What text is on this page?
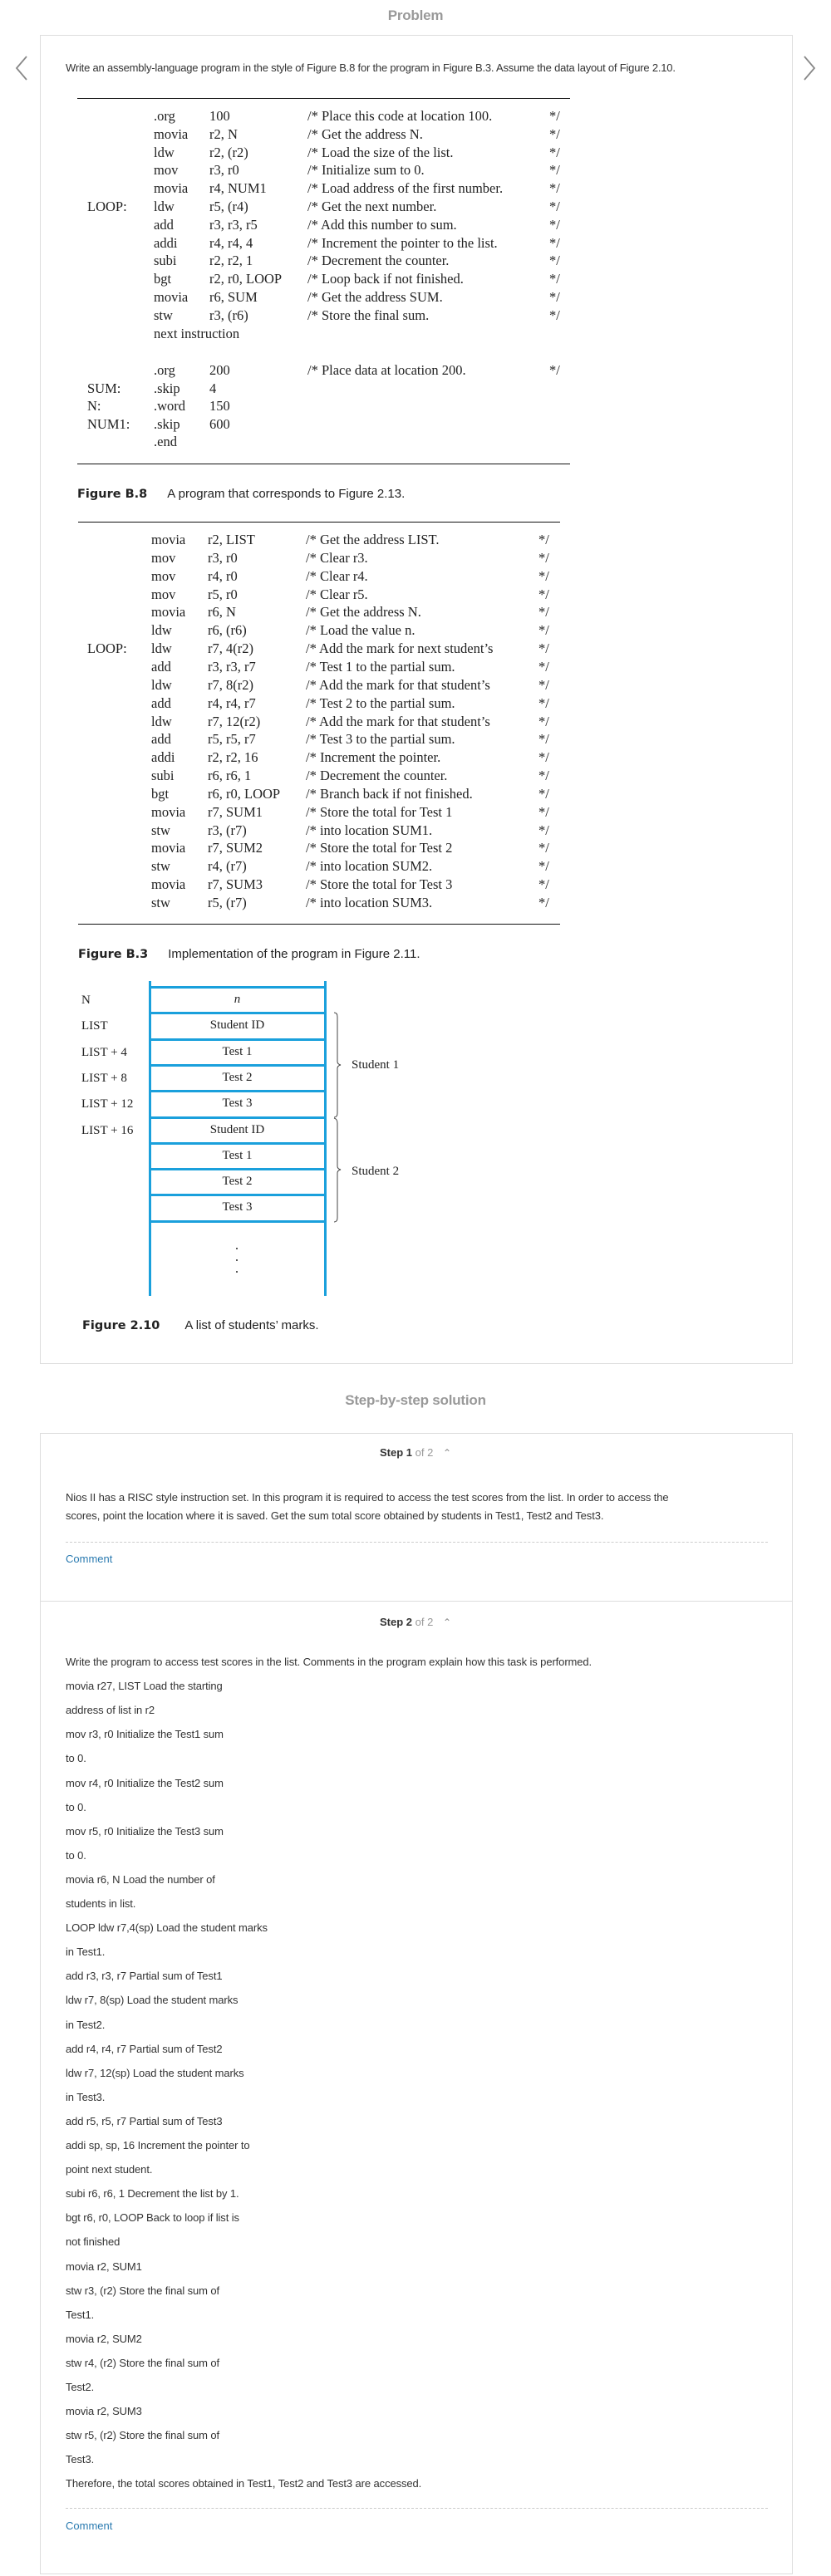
Problem
Write an assembly-language program in the style of Figure B.8 for the program in Figure B.3. Assume the data layout of Figure 2.10.
.org 100	/* Place this code at location 100.	*/
movia r2, N	/* Get the address N.	*/
ldw	r2, (r2)	/* Load the size of the list.	*/
mov r3, r0	/* Initialize sum to 0.	*/
movia r4, NUM1	/* Load address of the first number.	*/
LOOP: ldw	r5, (r4)	/* Get the next number.	*/
add	r3, r3, r5	/* Add this number to sum.	*/
addi r4, r4, 4	/* Increment the pointer to the list.	*/
subi r2, r2, 1	/* Decrement the counter.	*/
bgt	r2, r0, LOOP /* Loop back if not finished.	*/
movia r6, SUM	/* Get the address SUM.	*/
stw	r3, (r6)	/* Store the final sum.	*/
next instruction
.org 200	/* Place data at location 200.	*/
SUM: .skip 4
N:	.word 150
NUM1: .skip 600
.end
Figure B.8 A program that corresponds to Figure 2.13.
movia r2, LIST	/* Get the address LIST.	*/
mov r3, r0	/* Clear r3.	*/
mov r4, r0	/* Clear r4.	*/
mov r5, r0	/* Clear r5.	*/
movia r6, N	/* Get the address N.	*/
ldw	r6, (r6)	/* Load the value n.	*/
LOOP: ldw	r7, 4(r2)	/* Add the mark for next student’s	*/
add	r3, r3, r7	/* Test 1 to the partial sum.	*/
ldw	r7, 8(r2)	/* Add the mark for that student’s	*/
add	r4, r4, r7	/* Test 2 to the partial sum.	*/
ldw	r7, 12(r2)	/* Add the mark for that student’s	*/
add	r5, r5, r7	/* Test 3 to the partial sum.	*/
addi r2, r2, 16	/* Increment the pointer.	*/
subi r6, r6, 1	/* Decrement the counter.	*/
bgt	r6, r0, LOOP /* Branch back if not finished.	*/
movia r7, SUM1	/* Store the total for Test 1	*/
stw	r3, (r7)	/* into location SUM1.	*/
movia r7, SUM2	/* Store the total for Test 2	*/
stw	r4, (r7)	/* into location SUM2.	*/
movia r7, SUM3	/* Store the total for Test 3	*/
stw	r5, (r7)	/* into location SUM3.	*/
Figure B.3 Implementation of the program in Figure 2.11.
n
Student ID
Test 1
Test 2
Test 3
Student ID
Test 1
Test 2
Test 3
N
LIST
LIST + 4
LIST + 8
LIST + 12
LIST + 16
Student 1
Student 2
Figure 2.10 A list of students’ marks.
Step-by-step solution
Step 1 of 2 ⌃
Nios II has a RISC style instruction set. In this program it is required to access the test scores from the list. In order to access the
scores, point the location where it is saved. Get the sum total score obtained by students in Test1, Test2 and Test3.
Comment
Step 2 of 2 ⌃
Write the program to access test scores in the list. Comments in the program explain how this task is performed.
movia r27, LIST Load the starting
address of list in r2
mov r3, r0 Initialize the Test1 sum
to 0.
mov r4, r0 Initialize the Test2 sum
to 0.
mov r5, r0 Initialize the Test3 sum
to 0.
movia r6, N Load the number of
students in list.
LOOP ldw r7,4(sp) Load the student marks
in Test1.
add r3, r3, r7 Partial sum of Test1
ldw r7, 8(sp) Load the student marks
in Test2.
add r4, r4, r7 Partial sum of Test2
ldw r7, 12(sp) Load the student marks
in Test3.
add r5, r5, r7 Partial sum of Test3
addi sp, sp, 16 Increment the pointer to
point next student.
subi r6, r6, 1 Decrement the list by 1.
bgt r6, r0, LOOP Back to loop if list is
not finished
movia r2, SUM1
stw r3, (r2) Store the final sum of
Test1.
movia r2, SUM2
stw r4, (r2) Store the final sum of
Test2.
movia r2, SUM3
stw r5, (r2) Store the final sum of
Test3.
Therefore, the total scores obtained in Test1, Test2 and Test3 are accessed.
Comment
